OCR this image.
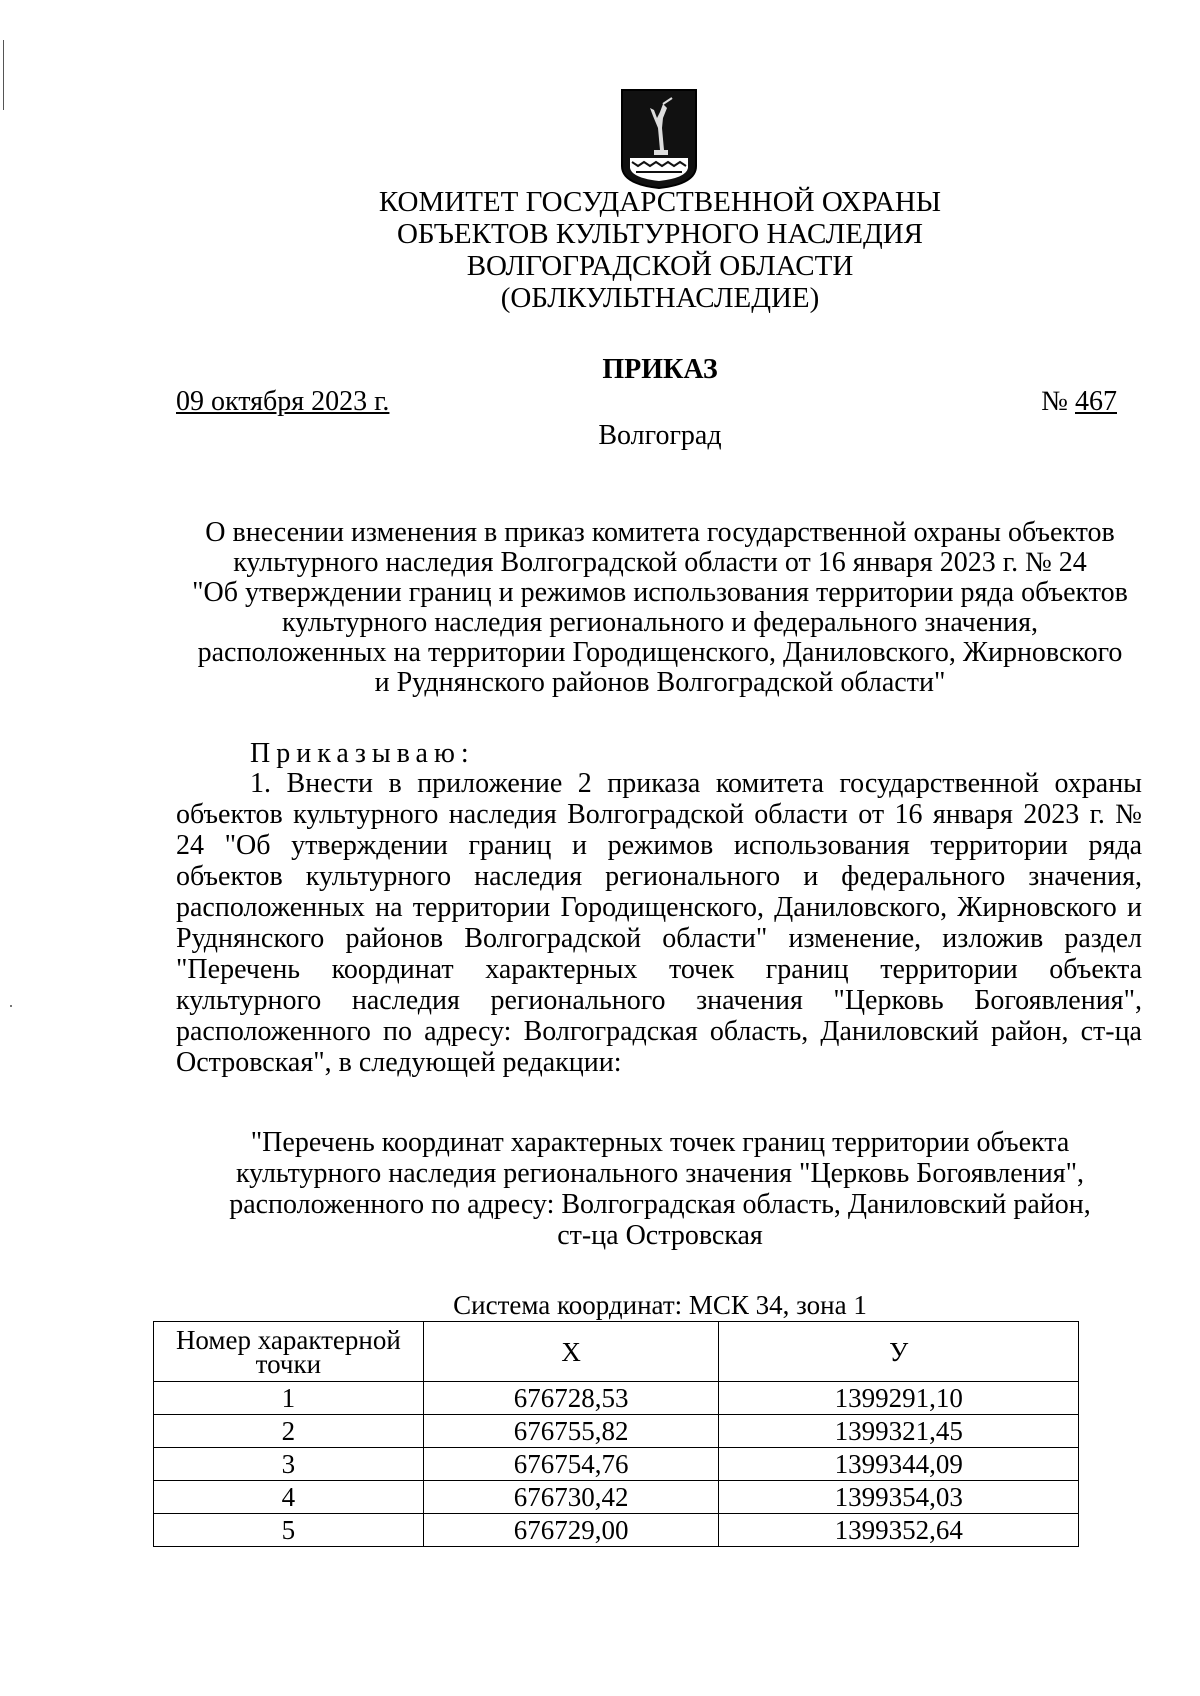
КОМИТЕТ ГОСУДАРСТВЕННОЙ ОХРАНЫ
ОБЪЕКТОВ КУЛЬТУРНОГО НАСЛЕДИЯ
ВОЛГОГРАДСКОЙ ОБЛАСТИ
(ОБЛКУЛЬТНАСЛЕДИЕ)
ПРИКАЗ
09 октября 2023 г.	№ 467
Волгоград
О внесении изменения в приказ комитета государственной охраны объектов
культурного наследия Волгоградской области от 16 января 2023 г. № 24
"Об утверждении границ и режимов использования территории ряда объектов
культурного наследия регионального и федерального значения,
расположенных на территории Городищенского, Даниловского, Жирновского
и Руднянского районов Волгоградской области"
Приказываю:
1. Внести в приложение 2 приказа комитета государственной охраны объектов культурного наследия Волгоградской области от 16 января 2023 г. № 24 "Об утверждении границ и режимов использования территории ряда объектов культурного наследия регионального и федерального значения, расположенных на территории Городищенского, Даниловского, Жирновского и Руднянского районов Волгоградской области" изменение, изложив раздел "Перечень координат характерных точек границ территории объекта культурного наследия регионального значения "Церковь Богоявления", расположенного по адресу: Волгоградская область, Даниловский район, ст-ца Островская", в следующей редакции:
"Перечень координат характерных точек границ территории объекта
культурного наследия регионального значения "Церковь Богоявления",
расположенного по адресу: Волгоградская область, Даниловский район,
ст-ца Островская
Система координат: МСК 34, зона 1
Номер характерной точки	X	У
1	676728,53	1399291,10
2	676755,82	1399321,45
3	676754,76	1399344,09
4	676730,42	1399354,03
5	676729,00	1399352,64
